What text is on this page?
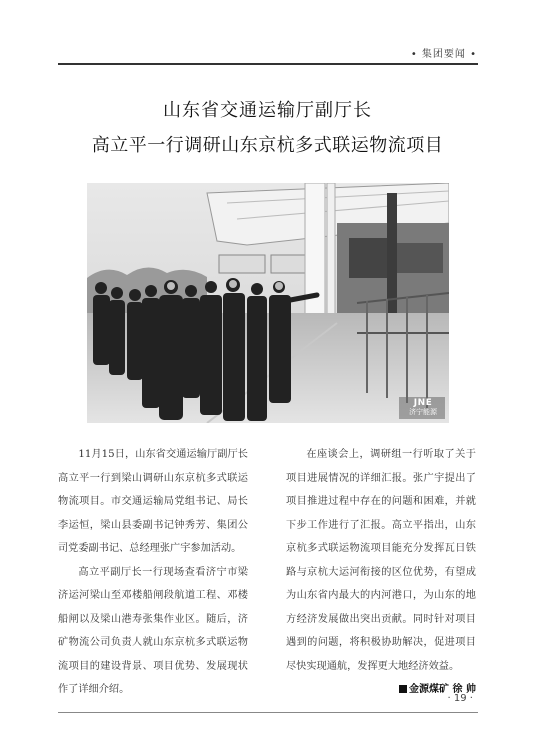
• 集团要闻 •
山东省交通运输厅副厅长
高立平一行调研山东京杭多式联运物流项目
JNE
济宁能源

11月15日，山东省交通运输厅副厅长高立平一行到梁山调研山东京杭多式联运物流项目。市交通运输局党组书记、局长李运恒，梁山县委副书记钟秀芳、集团公司党委副书记、总经理张广宇参加活动。

高立平副厅长一行现场查看济宁市梁济运河梁山至邓楼船闸段航道工程、邓楼船闸以及梁山港寿张集作业区。随后，济矿物流公司负责人就山东京杭多式联运物流项目的建设背景、项目优势、发展现状作了详细介绍。

在座谈会上，调研组一行听取了关于项目进展情况的详细汇报。张广宇提出了项目推进过程中存在的问题和困难，并就下步工作进行了汇报。高立平指出，山东京杭多式联运物流项目能充分发挥瓦日铁路与京杭大运河衔接的区位优势，有望成为山东省内最大的内河港口，为山东的地方经济发展做出突出贡献。同时针对项目遇到的问题，将积极协助解决，促进项目尽快实现通航，发挥更大地经济效益。

金源煤矿 徐 帅

· 19 ·
